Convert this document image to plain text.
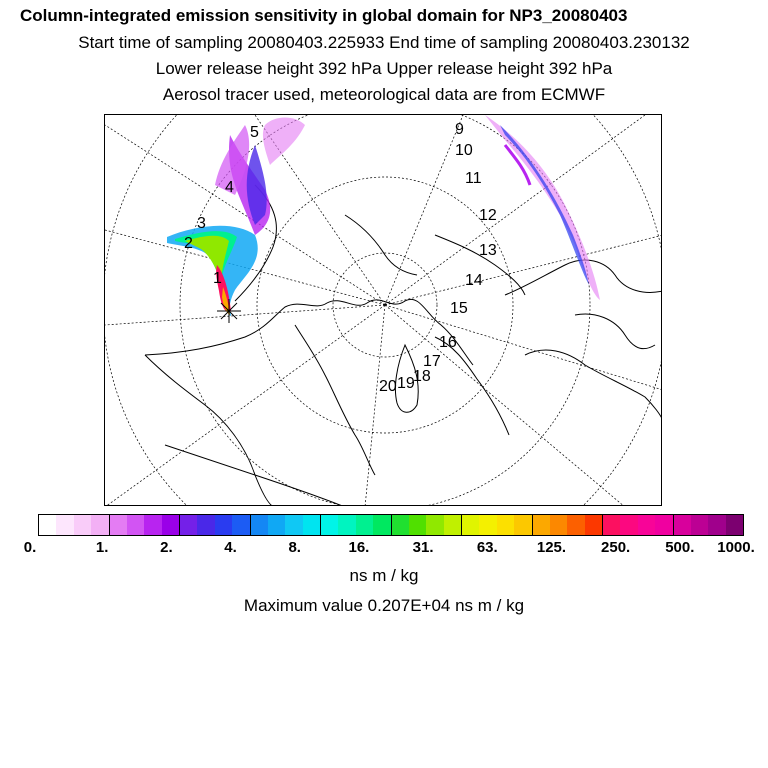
Column-integrated emission sensitivity in global domain for NP3_20080403
Start time of sampling 20080403.225933 End time of sampling 20080403.230132
Lower release height 392 hPa Upper release height 392 hPa
Aerosol tracer used, meteorological data are from ECMWF
1
2
3
4
5	9
10
11
12
13
14
15
16
17
18
19
20
0.	1.	2.	4.	8.	16.	31.	63.	125. 250. 500. 1000.
ns m / kg
Maximum value 0.207E+04 ns m / kg
